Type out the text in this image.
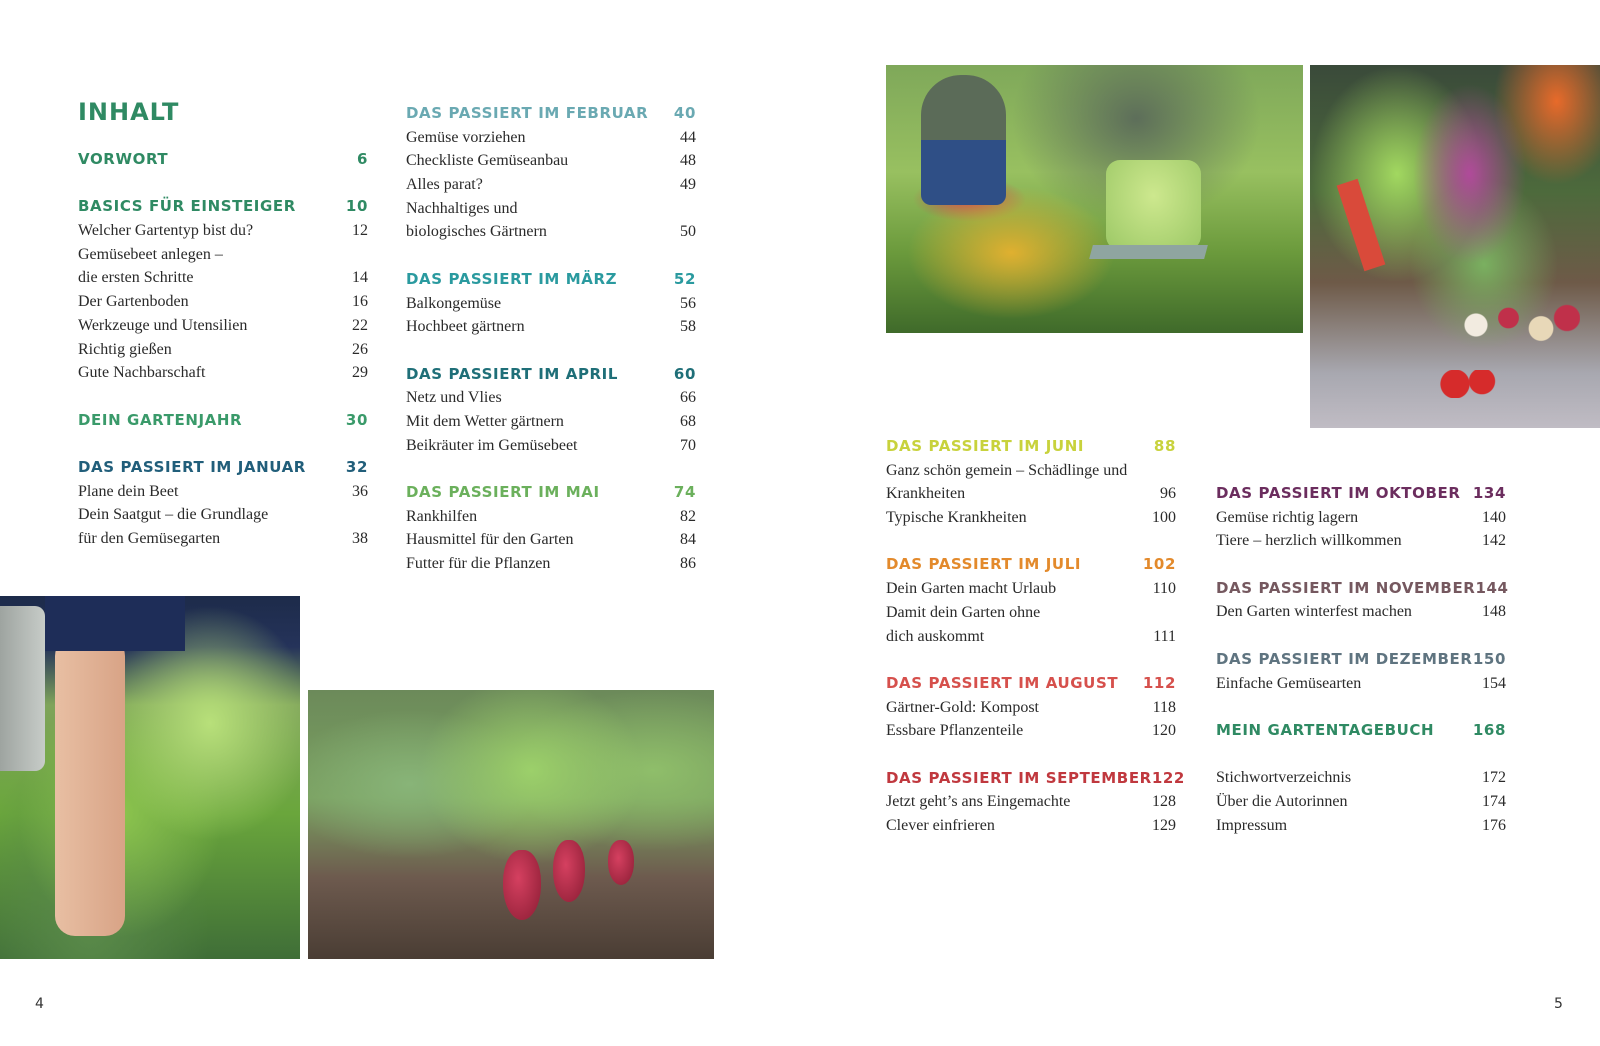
INHALT
VORWORT	6
BASICS FÜR EINSTEIGER	10
Welcher Gartentyp bist du?	12
Gemüsebeet anlegen –
die ersten Schritte	14
Der Gartenboden	16
Werkzeuge und Utensilien	22
Richtig gießen	26
Gute Nachbarschaft	29
DEIN GARTENJAHR	30
DAS PASSIERT IM JANUAR	32
Plane dein Beet	36
Dein Saatgut – die Grundlage
für den Gemüsegarten	38
DAS PASSIERT IM FEBRUAR	40
Gemüse vorziehen	44
Checkliste Gemüseanbau	48
Alles parat?	49
Nachhaltiges und
biologisches Gärtnern	50
DAS PASSIERT IM MÄRZ	52
Balkongemüse	56
Hochbeet gärtnern	58
DAS PASSIERT IM APRIL	60
Netz und Vlies	66
Mit dem Wetter gärtnern	68
Beikräuter im Gemüsebeet	70
DAS PASSIERT IM MAI	74
Rankhilfen	82
Hausmittel für den Garten	84
Futter für die Pflanzen	86
DAS PASSIERT IM JUNI	88
Ganz schön gemein – Schädlinge und
Krankheiten	96
Typische Krankheiten	100
DAS PASSIERT IM JULI	102
Dein Garten macht Urlaub	110
Damit dein Garten ohne
dich auskommt	111
DAS PASSIERT IM AUGUST 112
Gärtner-Gold: Kompost	118
Essbare Pflanzenteile	120
DAS PASSIERT IM SEPTEMBER 122
Jetzt geht’s ans Eingemachte	128
Clever einfrieren	129
DAS PASSIERT IM OKTOBER 134
Gemüse richtig lagern	140
Tiere – herzlich willkommen	142
DAS PASSIERT IM NOVEMBER 144
Den Garten winterfest machen	148
DAS PASSIERT IM DEZEMBER 150
Einfache Gemüsearten	154
MEIN GARTENTAGEBUCH	168
Stichwortverzeichnis	172
Über die Autorinnen	174
Impressum	176
4	5
